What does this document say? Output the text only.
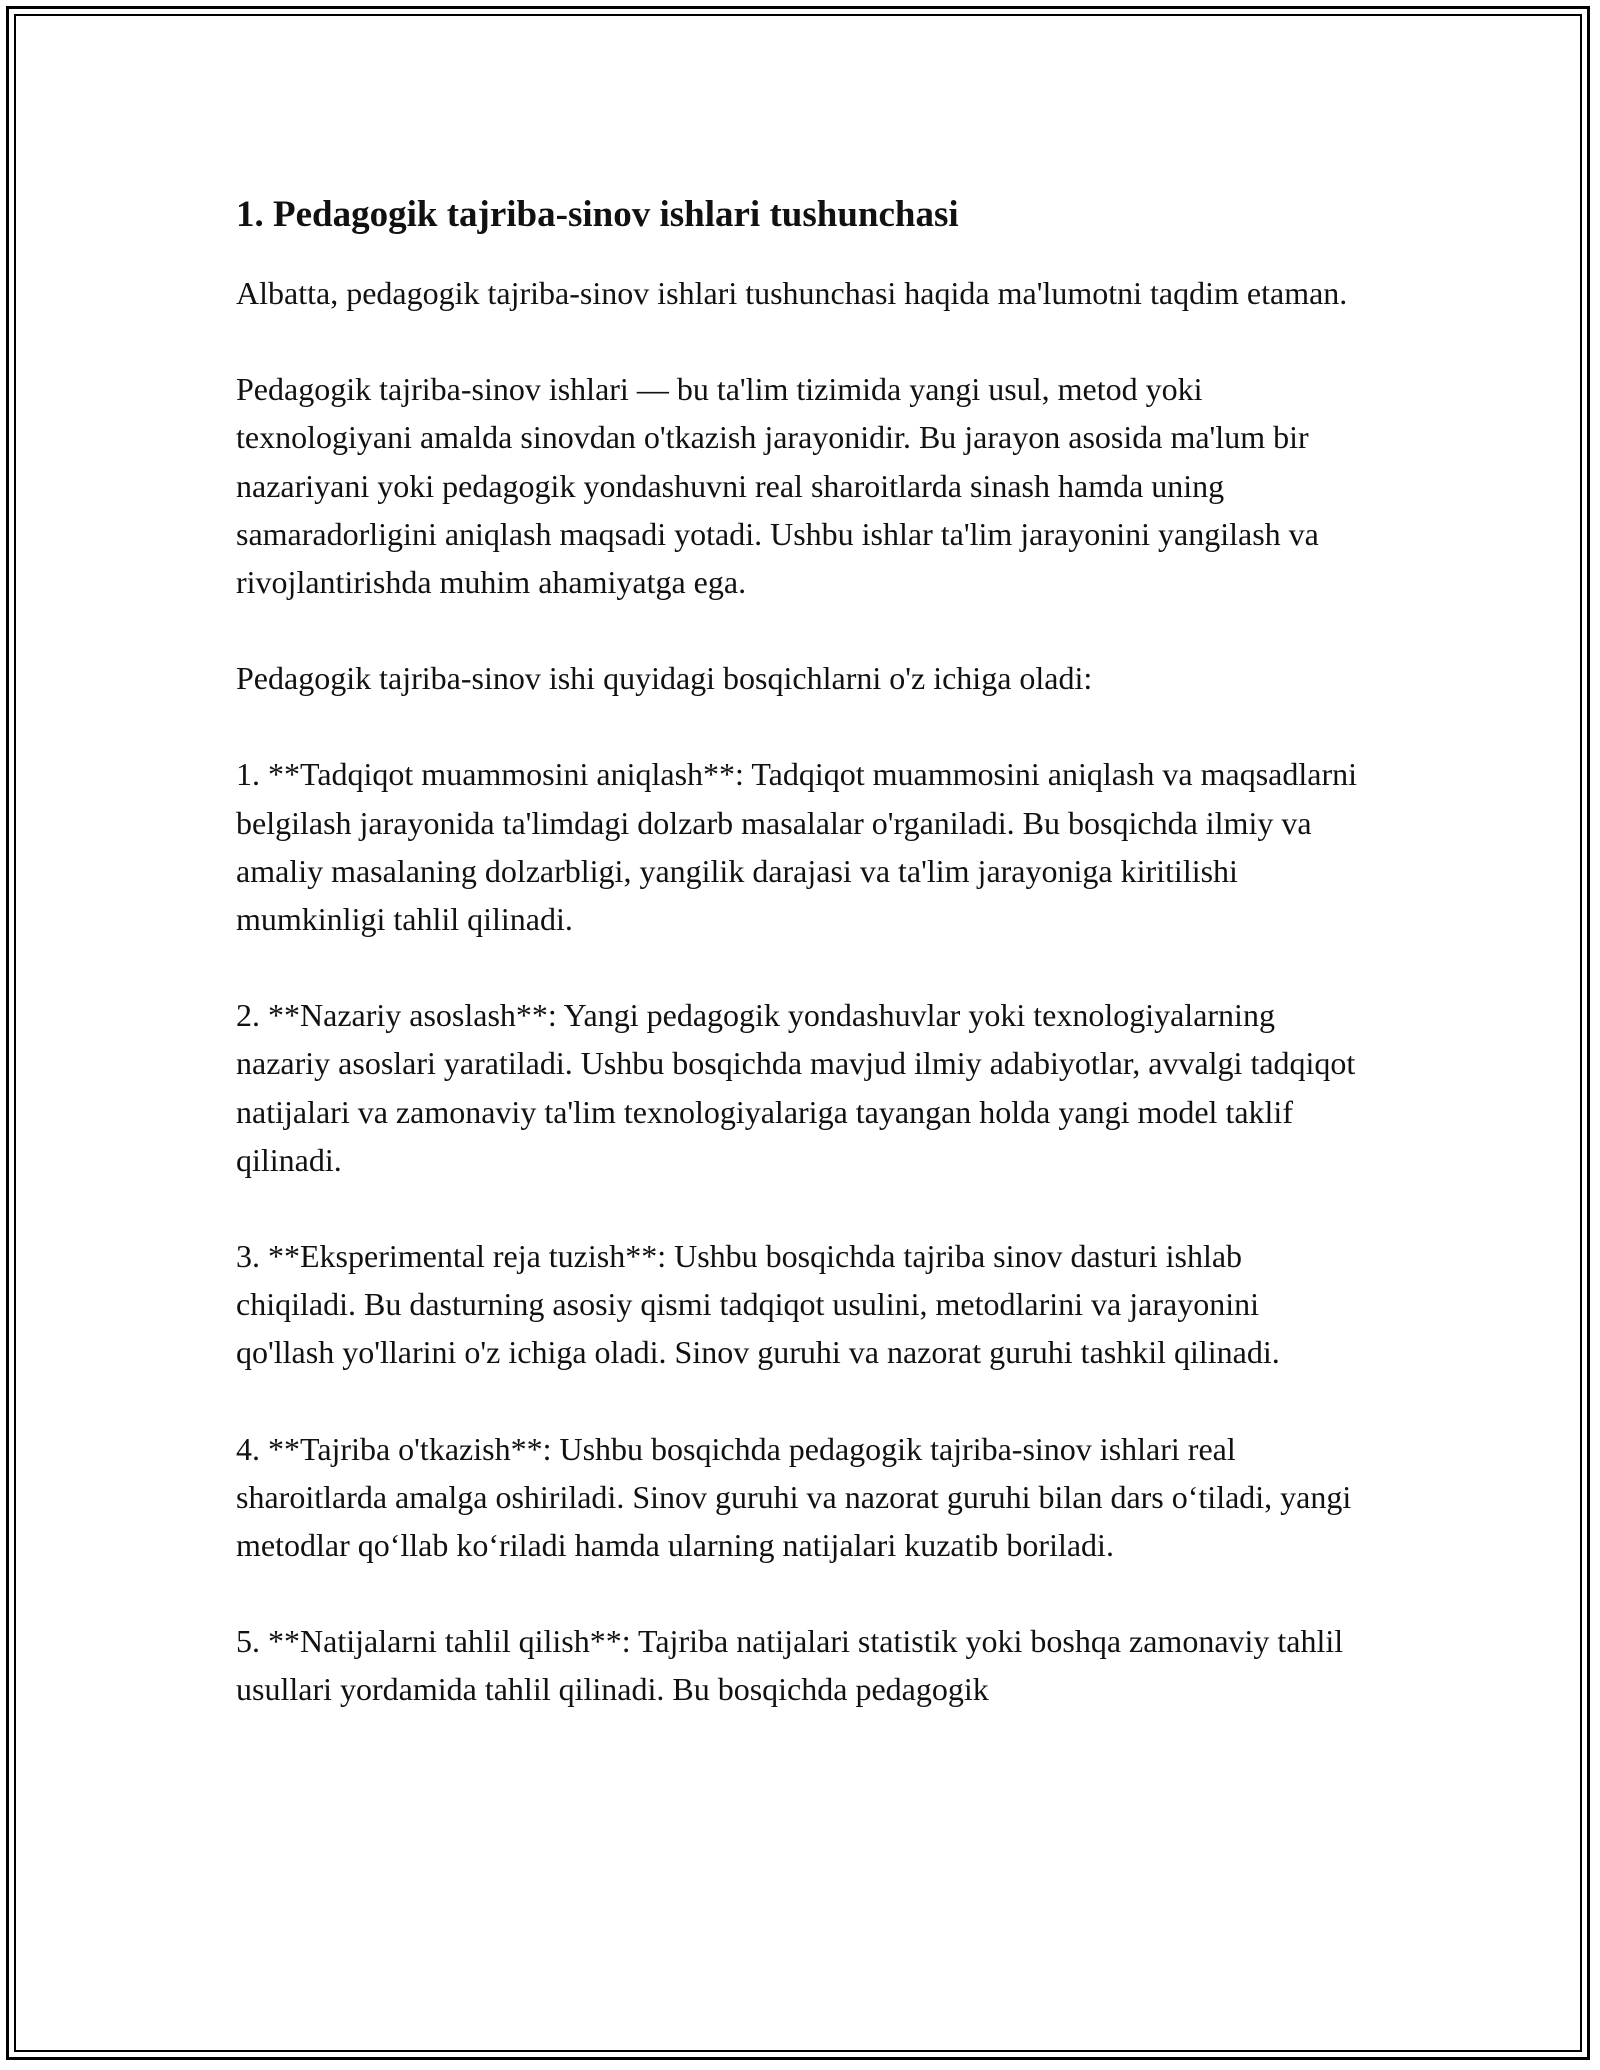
1. Pedagogik tajriba-sinov ishlari tushunchasi

Albatta, pedagogik tajriba-sinov ishlari tushunchasi haqida ma'lumotni taqdim etaman.

Pedagogik tajriba-sinov ishlari — bu ta'lim tizimida yangi usul, metod yoki texnologiyani amalda sinovdan o'tkazish jarayonidir. Bu jarayon asosida ma'lum bir nazariyani yoki pedagogik yondashuvni real sharoitlarda sinash hamda uning samaradorligini aniqlash maqsadi yotadi. Ushbu ishlar ta'lim jarayonini yangilash va rivojlantirishda muhim ahamiyatga ega.

Pedagogik tajriba-sinov ishi quyidagi bosqichlarni o'z ichiga oladi:

1. **Tadqiqot muammosini aniqlash**: Tadqiqot muammosini aniqlash va maqsadlarni belgilash jarayonida ta'limdagi dolzarb masalalar o'rganiladi. Bu bosqichda ilmiy va amaliy masalaning dolzarbligi, yangilik darajasi va ta'lim jarayoniga kiritilishi mumkinligi tahlil qilinadi.

2. **Nazariy asoslash**: Yangi pedagogik yondashuvlar yoki texnologiyalarning nazariy asoslari yaratiladi. Ushbu bosqichda mavjud ilmiy adabiyotlar, avvalgi tadqiqot natijalari va zamonaviy ta'lim texnologiyalariga tayangan holda yangi model taklif qilinadi.

3. **Eksperimental reja tuzish**: Ushbu bosqichda tajriba sinov dasturi ishlab chiqiladi. Bu dasturning asosiy qismi tadqiqot usulini, metodlarini va jarayonini qo'llash yo'llarini o'z ichiga oladi. Sinov guruhi va nazorat guruhi tashkil qilinadi.

4. **Tajriba o'tkazish**: Ushbu bosqichda pedagogik tajriba-sinov ishlari real sharoitlarda amalga oshiriladi. Sinov guruhi va nazorat guruhi bilan dars o‘tiladi, yangi metodlar qo‘llab ko‘riladi hamda ularning natijalari kuzatib boriladi.

5. **Natijalarni tahlil qilish**: Tajriba natijalari statistik yoki boshqa zamonaviy tahlil usullari yordamida tahlil qilinadi. Bu bosqichda pedagogik
